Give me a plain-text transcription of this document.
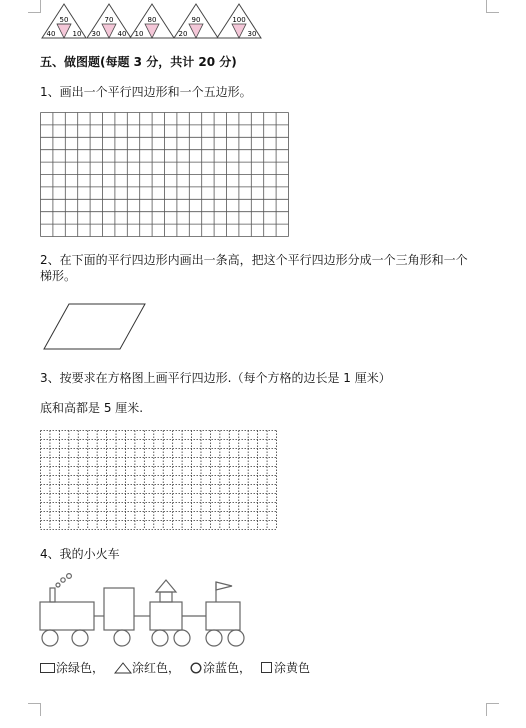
50
40 10
70
30 40
80
10
90
20
100
30
五、做图题(每题 3 分，共计 20 分)
1、画出一个平行四边形和一个五边形。
2、在下面的平行四边形内画出一条高，把这个平行四边形分成一个三角形和一个
梯形。
3、按要求在方格图上画平行四边形.（每个方格的边长是 1 厘米）
底和高都是 5 厘米.
4、我的小火车
涂绿色， 涂红色， 涂蓝色， 涂黄色
